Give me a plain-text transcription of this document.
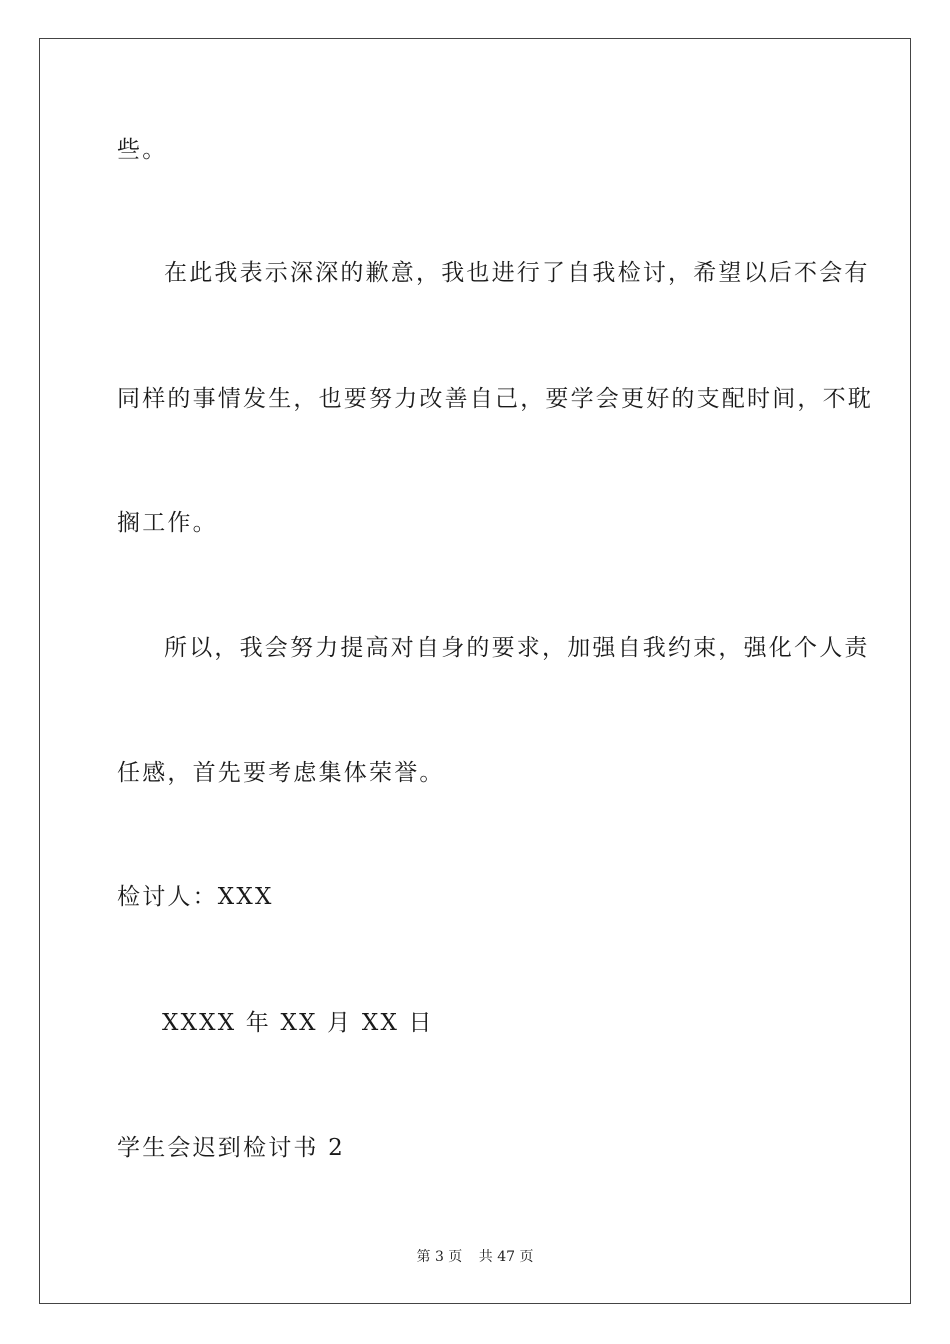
些。
在此我表示深深的歉意，我也进行了自我检讨，希望以后不会有
同样的事情发生，也要努力改善自己，要学会更好的支配时间，不耽
搁工作。
所以，我会努力提高对自身的要求，加强自我约束，强化个人责
任感，首先要考虑集体荣誉。
检讨人：XXX
XXXX 年 XX 月 XX 日
学生会迟到检讨书 2
第 3 页 共 47 页
